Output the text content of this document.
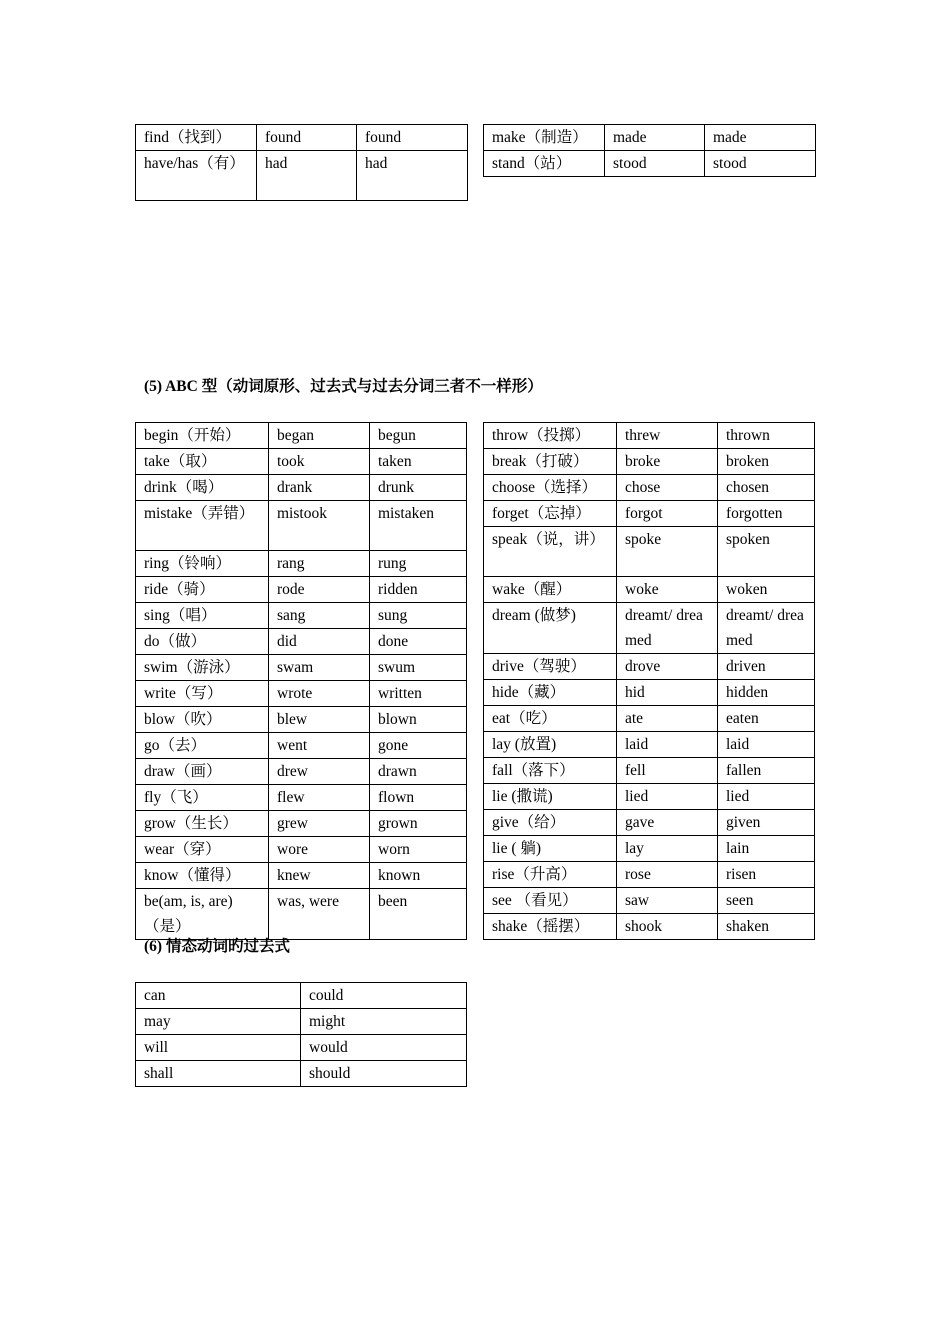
find（找到）	found	found
have/has（有）	had	had
make（制造）	made	made
stand（站）	stood	stood
(5) ABC 型（动词原形、过去式与过去分词三者不一样形）
begin（开始）	began	begun
take（取）	took	taken
drink（喝）	drank	drunk
mistake（弄错）	mistook	mistaken
ring（铃响）	rang	rung
ride（骑）	rode	ridden
sing（唱）	sang	sung
do（做）	did	done
swim（游泳）	swam	swum
write（写）	wrote	written
blow（吹）	blew	blown
go（去）	went	gone
draw（画）	drew	drawn
fly（飞）	flew	flown
grow（生长）	grew	grown
wear（穿）	wore	worn
know（懂得）	knew	known
be(am, is, are)（是）	was, were	been
throw（投掷）	threw	thrown
break（打破）	broke	broken
choose（选择）	chose	chosen
forget（忘掉）	forgot	forgotten
speak（说，讲）	spoke	spoken
wake（醒）	woke	woken
dream (做梦)	dreamt/ dreamed	dreamt/ dreamed
drive（驾驶）	drove	driven
hide（藏）	hid	hidden
eat（吃）	ate	eaten
lay (放置)	laid	laid
fall（落下）	fell	fallen
lie (撒谎)	lied	lied
give（给）	gave	given
lie ( 躺)	lay	lain
rise（升高）	rose	risen
see （看见）	saw	seen
shake（摇摆）	shook	shaken
(6) 情态动词旳过去式
can	could
may	might
will	would
shall	should
